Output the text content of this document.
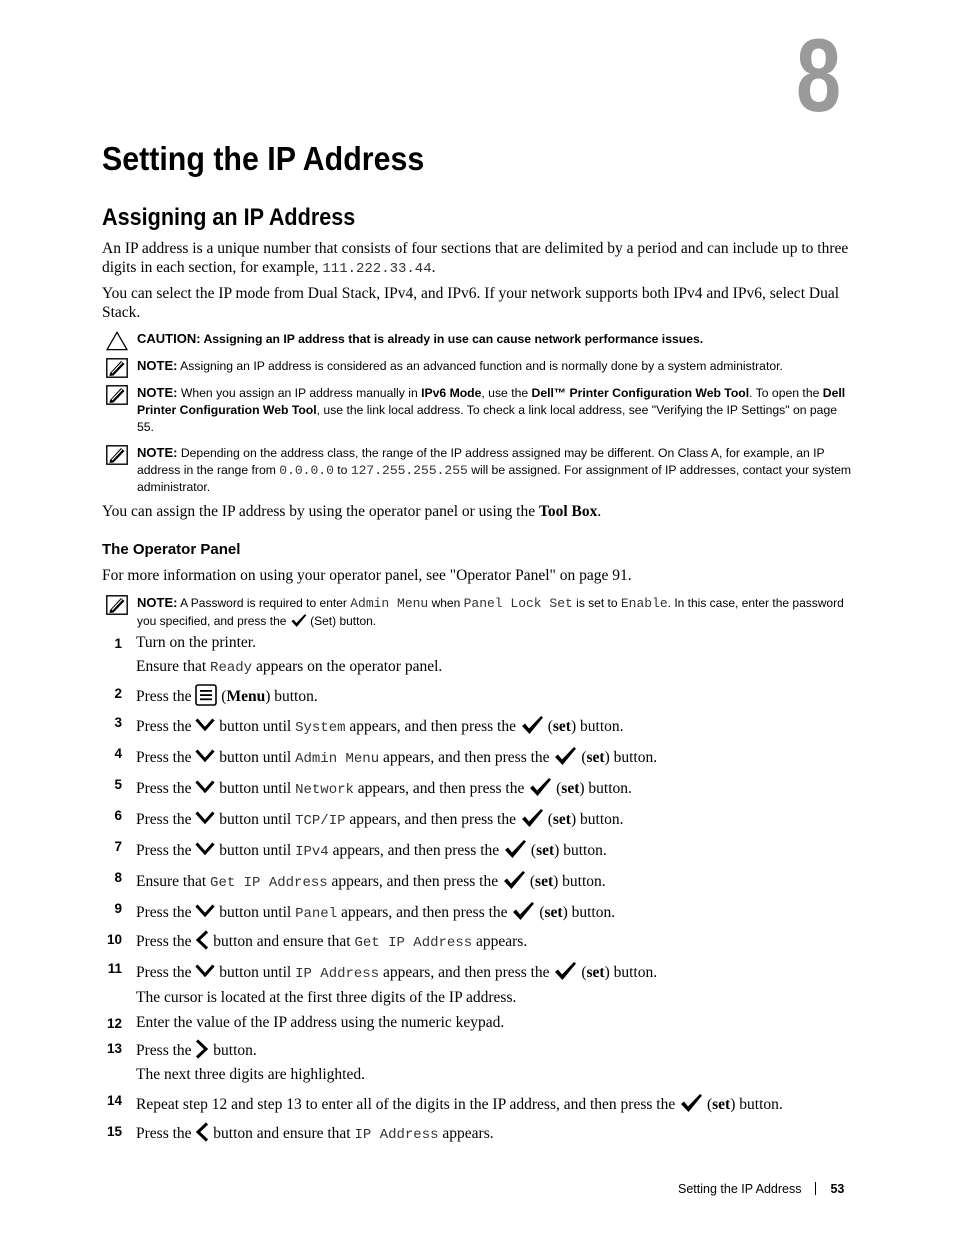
8
Setting the IP Address
Assigning an IP Address
An IP address is a unique number that consists of four sections that are delimited by a period and can include up to three digits in each section, for example, 111.222.33.44.
You can select the IP mode from Dual Stack, IPv4, and IPv6. If your network supports both IPv4 and IPv6, select Dual Stack.
CAUTION: Assigning an IP address that is already in use can cause network performance issues.
NOTE: Assigning an IP address is considered as an advanced function and is normally done by a system administrator.
NOTE: When you assign an IP address manually in IPv6 Mode, use the Dell™ Printer Configuration Web Tool. To open the Dell Printer Configuration Web Tool, use the link local address. To check a link local address, see "Verifying the IP Settings" on page 55.
NOTE: Depending on the address class, the range of the IP address assigned may be different. On Class A, for example, an IP address in the range from 0.0.0.0 to 127.255.255.255 will be assigned. For assignment of IP addresses, contact your system administrator.
You can assign the IP address by using the operator panel or using the Tool Box.
The Operator Panel
For more information on using your operator panel, see "Operator Panel" on page 91.
NOTE: A Password is required to enter Admin Menu when Panel Lock Set is set to Enable. In this case, enter the password you specified, and press the  (Set) button.
1 Turn on the printer.
Ensure that Ready appears on the operator panel.
2 Press the  (Menu) button.
3 Press the  button until System appears, and then press the  (set) button.
4 Press the  button until Admin Menu appears, and then press the  (set) button.
5 Press the  button until Network appears, and then press the  (set) button.
6 Press the  button until TCP/IP appears, and then press the  (set) button.
7 Press the  button until IPv4 appears, and then press the  (set) button.
8 Ensure that Get IP Address appears, and then press the  (set) button.
9 Press the  button until Panel appears, and then press the  (set) button.
10 Press the  button and ensure that Get IP Address appears.
11 Press the  button until IP Address appears, and then press the  (set) button.
The cursor is located at the first three digits of the IP address.
12 Enter the value of the IP address using the numeric keypad.
13 Press the  button.
The next three digits are highlighted.
14 Repeat step 12 and step 13 to enter all of the digits in the IP address, and then press the  (set) button.
15 Press the  button and ensure that IP Address appears.
Setting the IP Address 53
